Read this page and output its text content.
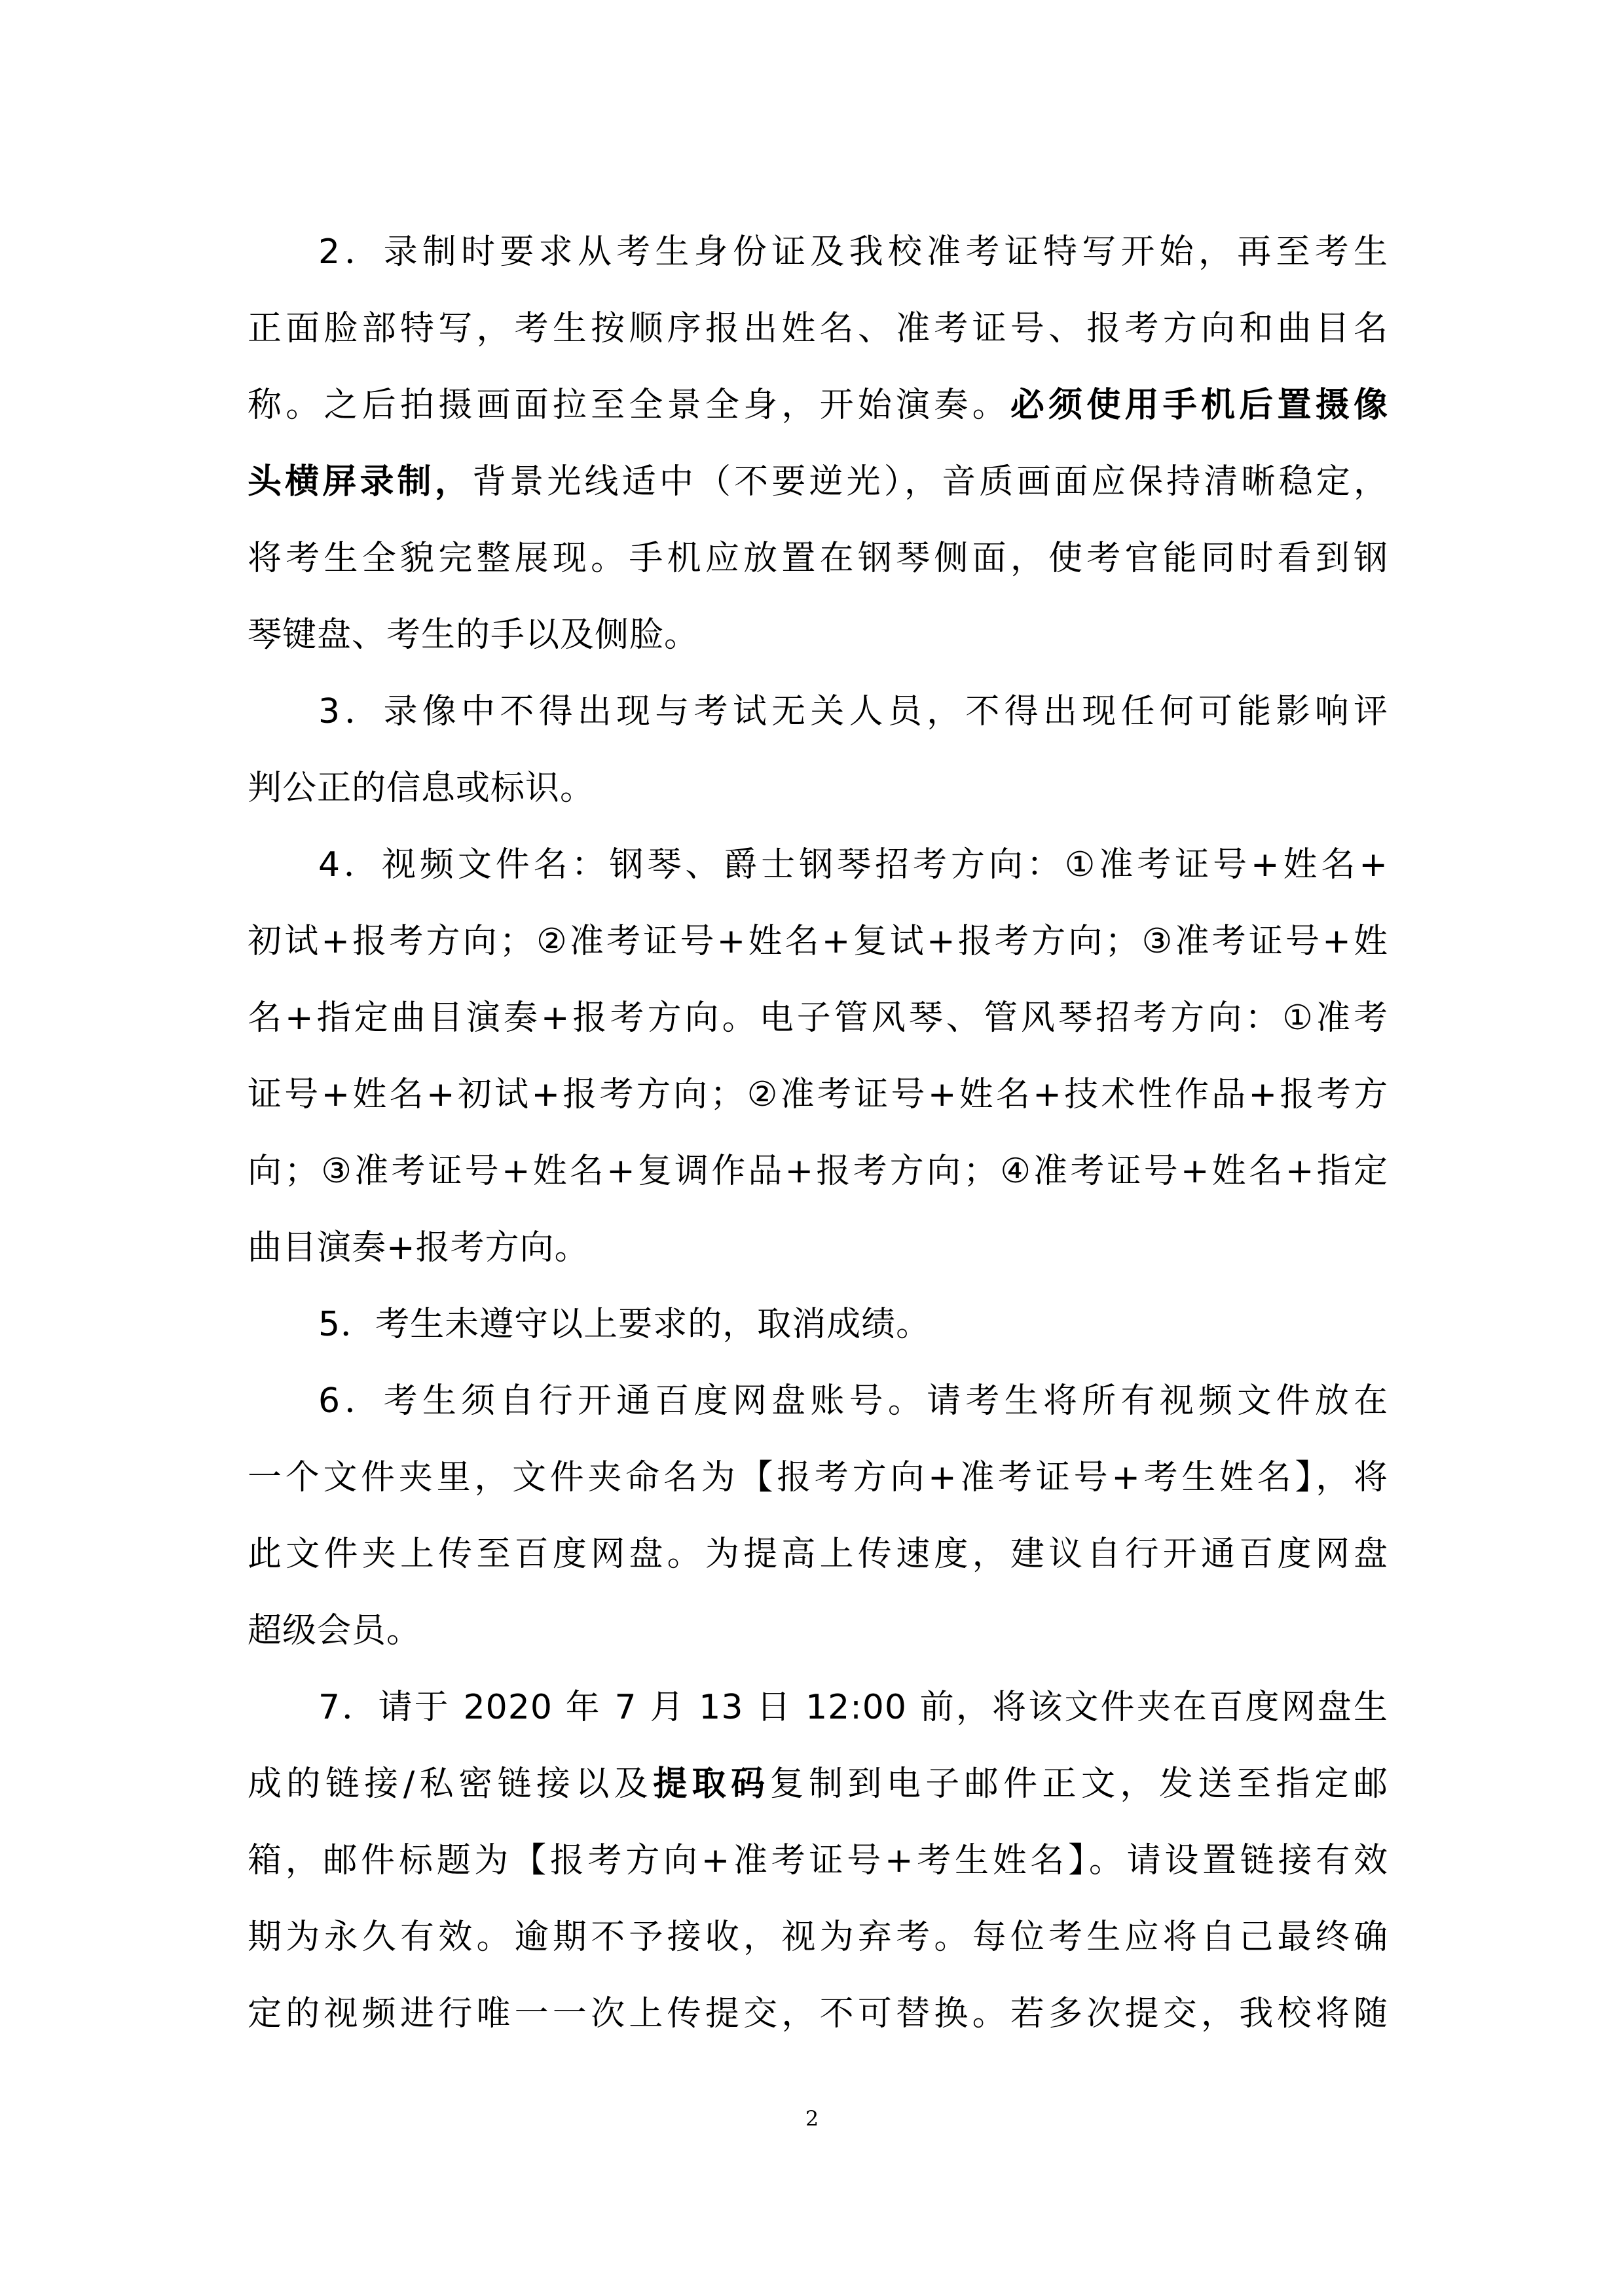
2．录制时要求从考生身份证及我校准考证特写开始，再至考生
正面脸部特写，考生按顺序报出姓名、准考证号、报考方向和曲目名
称。之后拍摄画面拉至全景全身，开始演奏。必须使用手机后置摄像
头横屏录制，背景光线适中（不要逆光），音质画面应保持清晰稳定，
将考生全貌完整展现。手机应放置在钢琴侧面，使考官能同时看到钢
琴键盘、考生的手以及侧脸。
3．录像中不得出现与考试无关人员，不得出现任何可能影响评
判公正的信息或标识。
4．视频文件名：钢琴、爵士钢琴招考方向：①准考证号+姓名+
初试+报考方向；②准考证号+姓名+复试+报考方向；③准考证号+姓
名+指定曲目演奏+报考方向。电子管风琴、管风琴招考方向：①准考
证号+姓名+初试+报考方向；②准考证号+姓名+技术性作品+报考方
向；③准考证号+姓名+复调作品+报考方向；④准考证号+姓名+指定
曲目演奏+报考方向。
5．考生未遵守以上要求的，取消成绩。
6．考生须自行开通百度网盘账号。请考生将所有视频文件放在
一个文件夹里，文件夹命名为【报考方向+准考证号+考生姓名】，将
此文件夹上传至百度网盘。为提高上传速度，建议自行开通百度网盘
超级会员。
7．请于 2020 年 7 月 13 日 12:00 前，将该文件夹在百度网盘生
成的链接/私密链接以及提取码复制到电子邮件正文，发送至指定邮
箱，邮件标题为【报考方向+准考证号+考生姓名】。请设置链接有效
期为永久有效。逾期不予接收，视为弃考。每位考生应将自己最终确
定的视频进行唯一一次上传提交，不可替换。若多次提交，我校将随
2
